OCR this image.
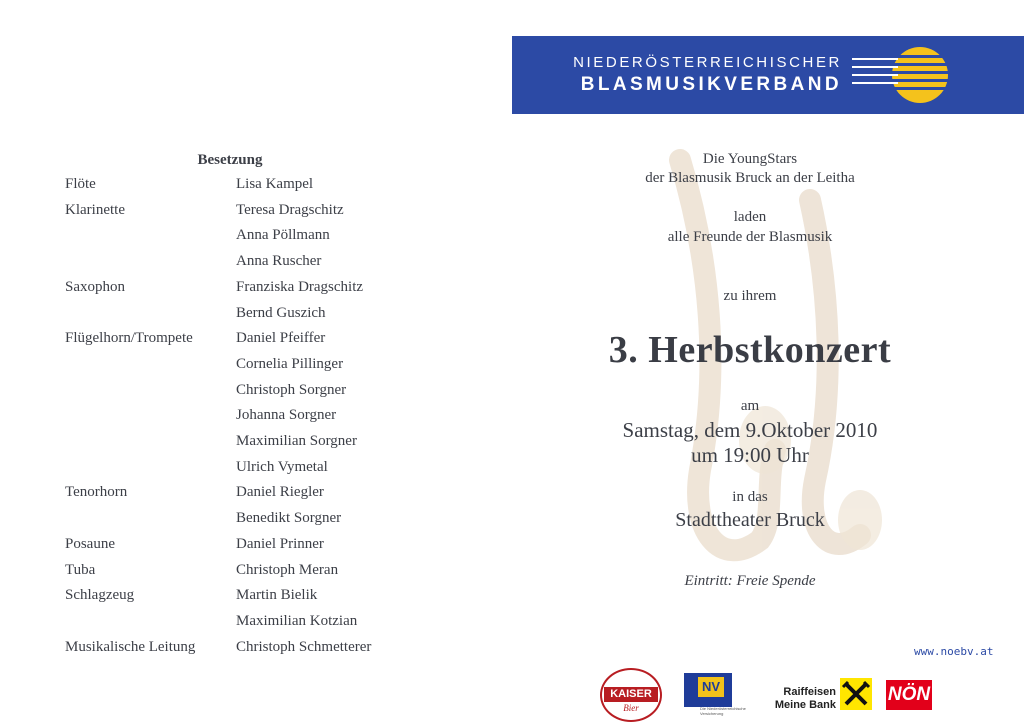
NIEDERÖSTERREICHISCHER
BLASMUSIKVERBAND
Besetzung
Flöte	Lisa Kampel
Klarinette	Teresa Dragschitz
Anna Pöllmann
Anna Ruscher
Saxophon	Franziska Dragschitz
Bernd Guszich
Flügelhorn/Trompete	Daniel Pfeiffer
Cornelia Pillinger
Christoph Sorgner
Johanna Sorgner
Maximilian Sorgner
Ulrich Vymetal
Tenorhorn	Daniel Riegler
Benedikt Sorgner
Posaune	Daniel Prinner
Tuba	Christoph Meran
Schlagzeug	Martin Bielik
Maximilian Kotzian
Musikalische Leitung	Christoph Schmetterer
Die YoungStars
der Blasmusik Bruck an der Leitha
laden
alle Freunde der Blasmusik
zu ihrem
3. Herbstkonzert
am
Samstag, dem 9.Oktober 2010
um 19:00 Uhr
in das
Stadttheater Bruck
Eintritt: Freie Spende
www.noebv.at
KAISER
Bier
NV
Die Niederösterreichische Versicherung
Raiffeisen
Meine Bank	NÖN
